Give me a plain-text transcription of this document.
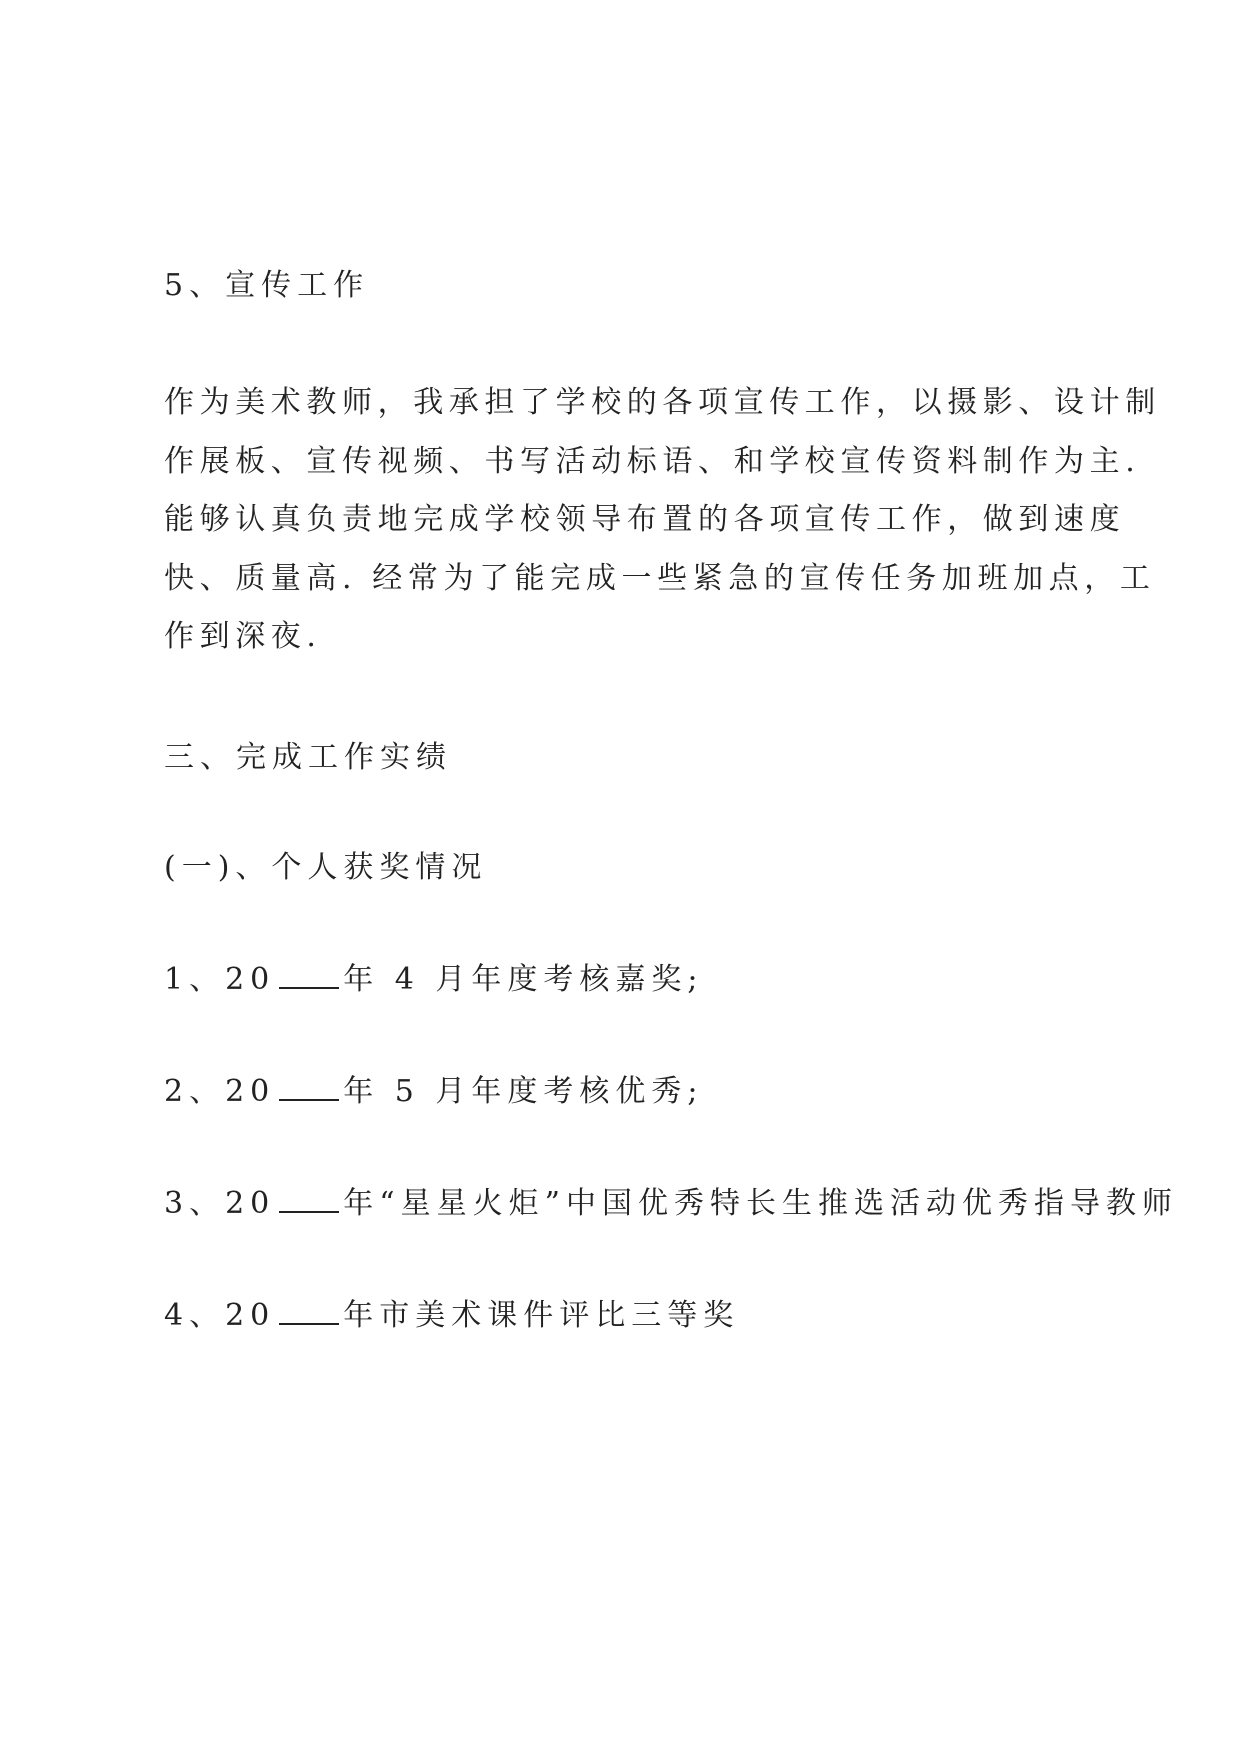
5、宣传工作
作为美术教师，我承担了学校的各项宣传工作，以摄影、设计制
作展板、宣传视频、书写活动标语、和学校宣传资料制作为主.
能够认真负责地完成学校领导布置的各项宣传工作，做到速度
快、质量高. 经常为了能完成一些紧急的宣传任务加班加点，工
作到深夜.
三、完成工作实绩
(一)、个人获奖情况
1、20 年 4 月年度考核嘉奖;
2、20 年 5 月年度考核优秀;
3、20 年“星星火炬”中国优秀特长生推选活动优秀指导教师
4、20 年市美术课件评比三等奖
